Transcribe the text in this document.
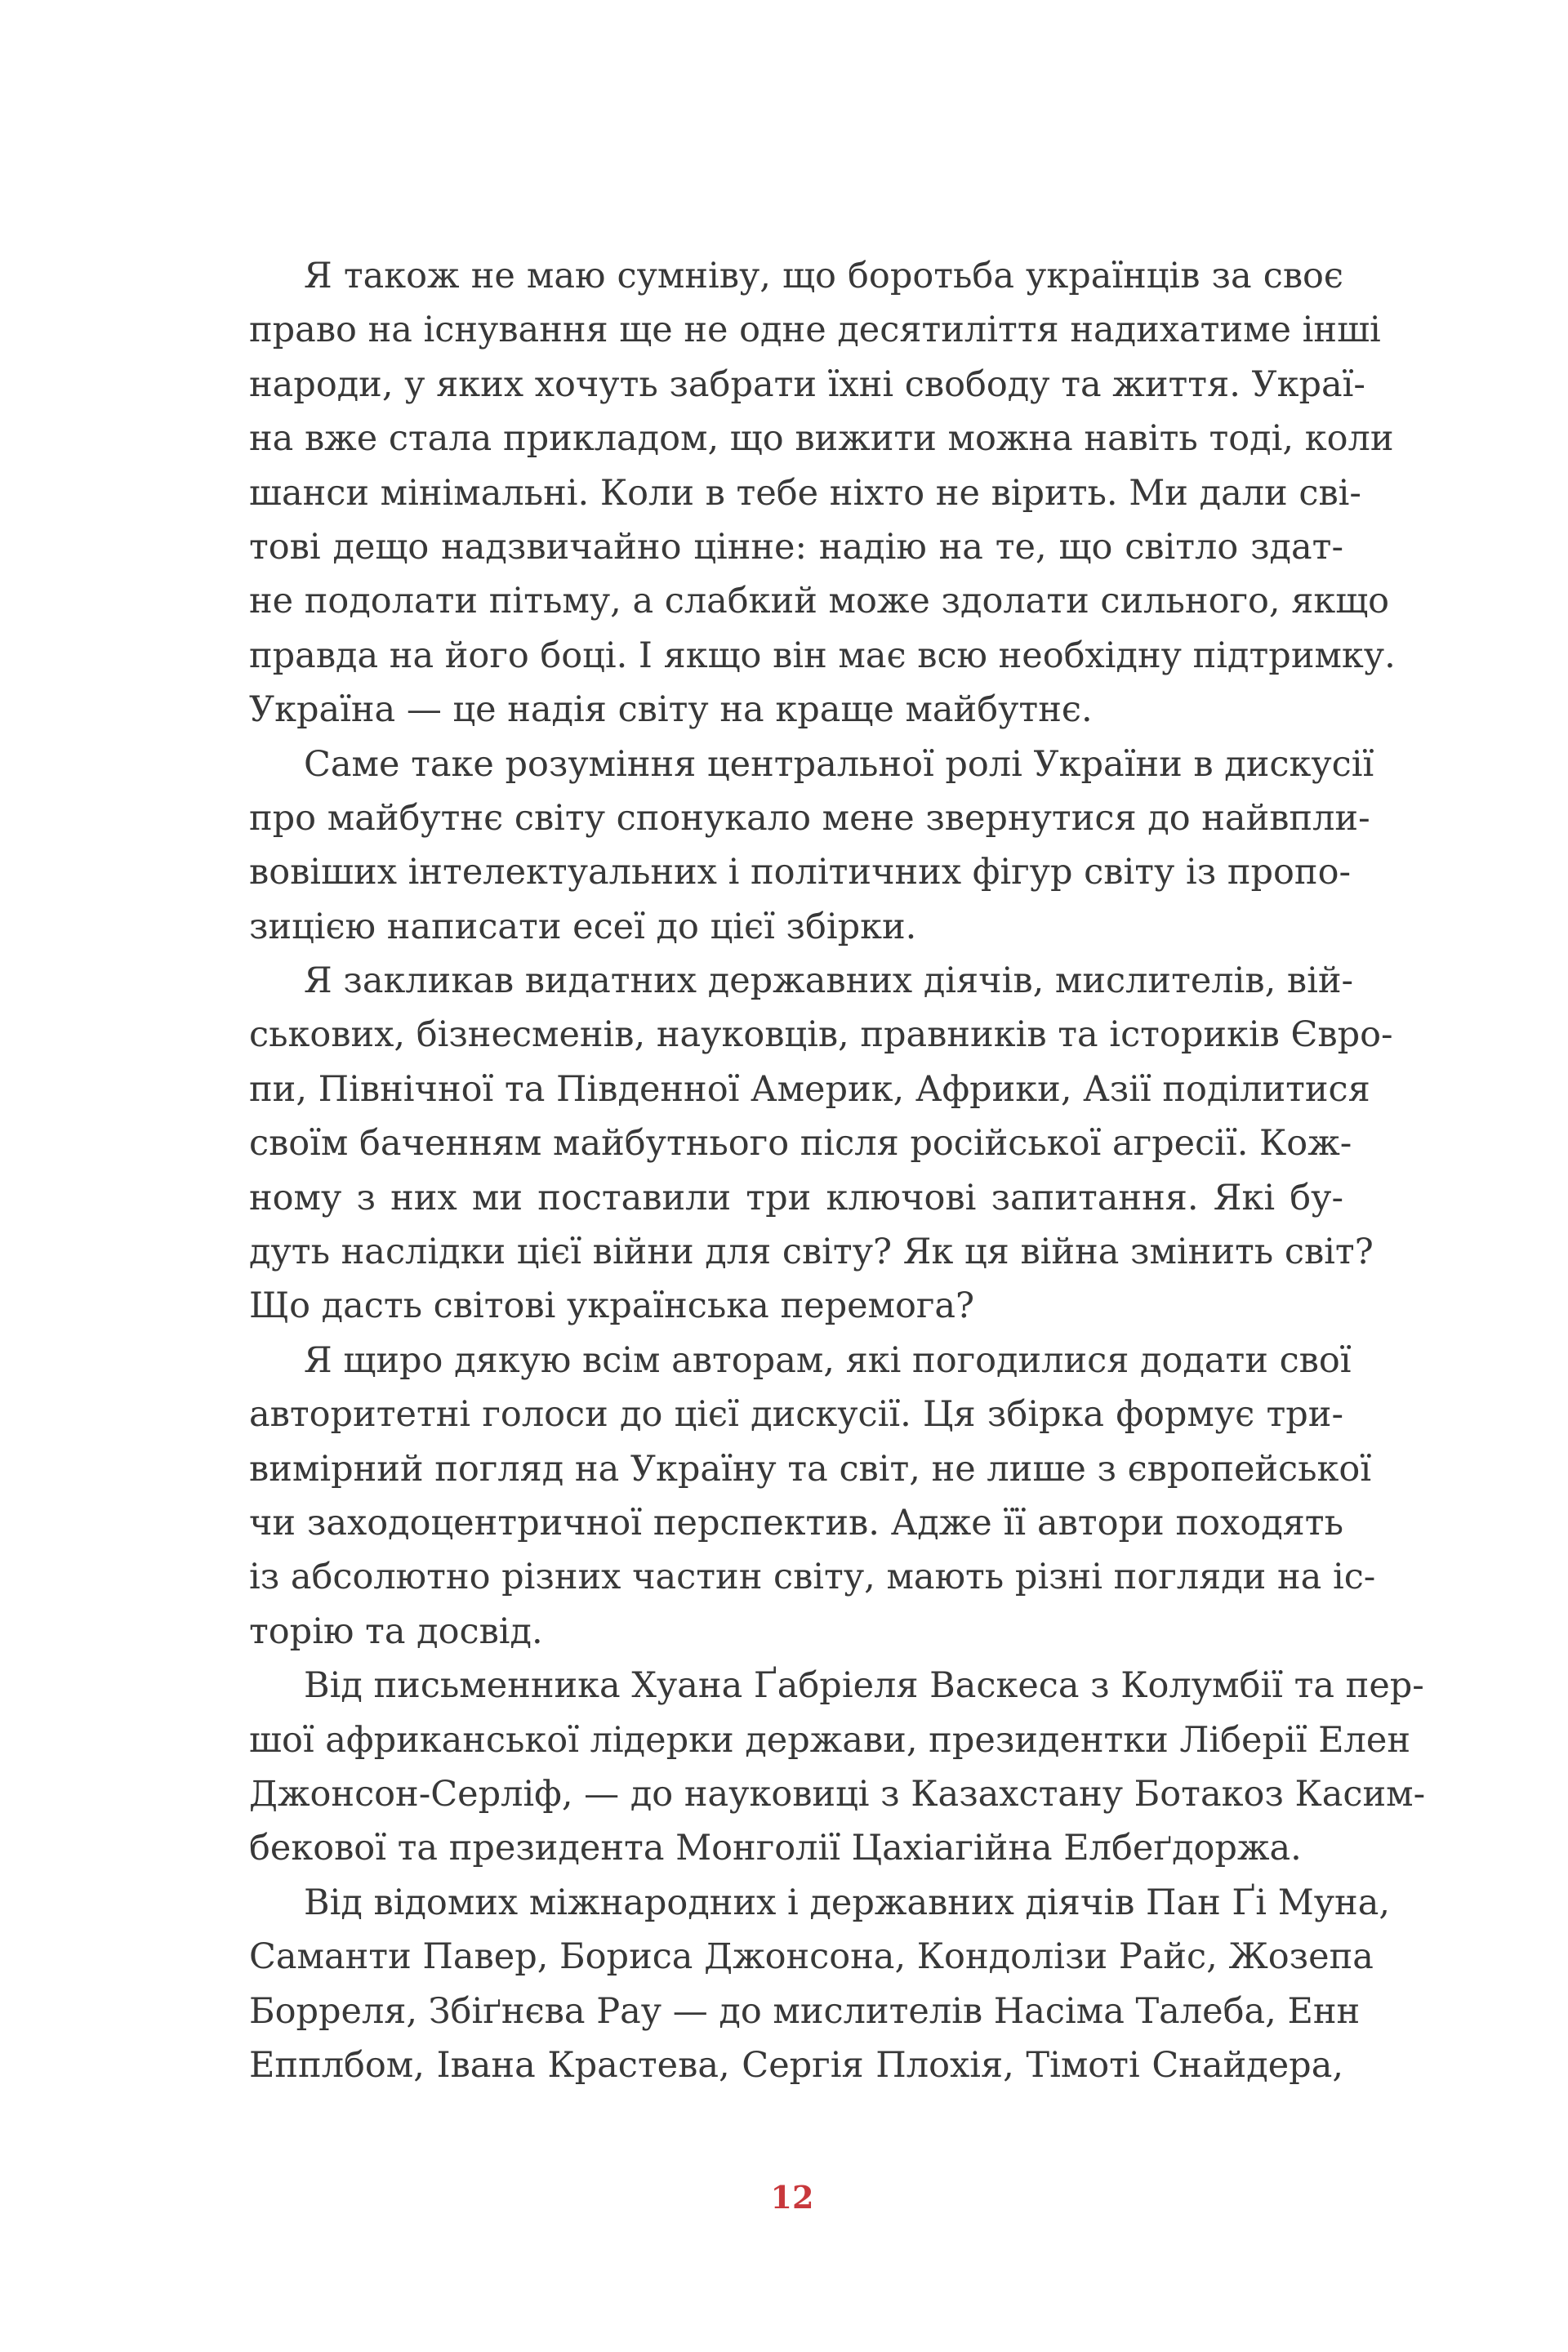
Я також не маю сумніву, що боротьба українців за своє
право на існування ще не одне десятиліття надихатиме інші
народи, у яких хочуть забрати їхні свободу та життя. Украї-
на вже стала прикладом, що вижити можна навіть тоді, коли
шанси мінімальні. Коли в тебе ніхто не вірить. Ми дали сві-
тові дещо надзвичайно цінне: надію на те, що світло здат-
не подолати пітьму, а слабкий може здолати сильного, якщо
правда на його боці. І якщо він має всю необхідну підтримку.
Україна — це надія світу на краще майбутнє.
Саме таке розуміння центральної ролі України в дискусії
про майбутнє світу спонукало мене звернутися до найвпли-
вовіших інтелектуальних і політичних фігур світу із пропо-
зицією написати есеї до цієї збірки.
Я закликав видатних державних діячів, мислителів, вій-
ськових, бізнесменів, науковців, правників та істориків Євро-
пи, Північної та Південної Америк, Африки, Азії поділитися
своїм баченням майбутнього після російської агресії. Кож-
ному з них ми поставили три ключові запитання. Які бу-
дуть наслідки цієї війни для світу? Як ця війна змінить світ?
Що дасть світові українська перемога?
Я щиро дякую всім авторам, які погодилися додати свої
авторитетні голоси до цієї дискусії. Ця збірка формує три-
вимірний погляд на Україну та світ, не лише з європейської
чи заходоцентричної перспектив. Адже її автори походять
із абсолютно різних частин світу, мають різні погляди на іс-
торію та досвід.
Від письменника Хуана Ґабріеля Васкеса з Колумбії та пер-
шої африканської лідерки держави, президентки Ліберії Елен
Джонсон-Серліф, — до науковиці з Казахстану Ботакоз Касим-
бекової та президента Монголії Цахіагійна Елбеґдоржа.
Від відомих міжнародних і державних діячів Пан Ґі Муна,
Саманти Павер, Бориса Джонсона, Кондолізи Райс, Жозепа
Борреля, Збіґнєва Рау — до мислителів Насіма Талеба, Енн
Епплбом, Івана Крастева, Сергія Плохія, Тімоті Снайдера,
12
